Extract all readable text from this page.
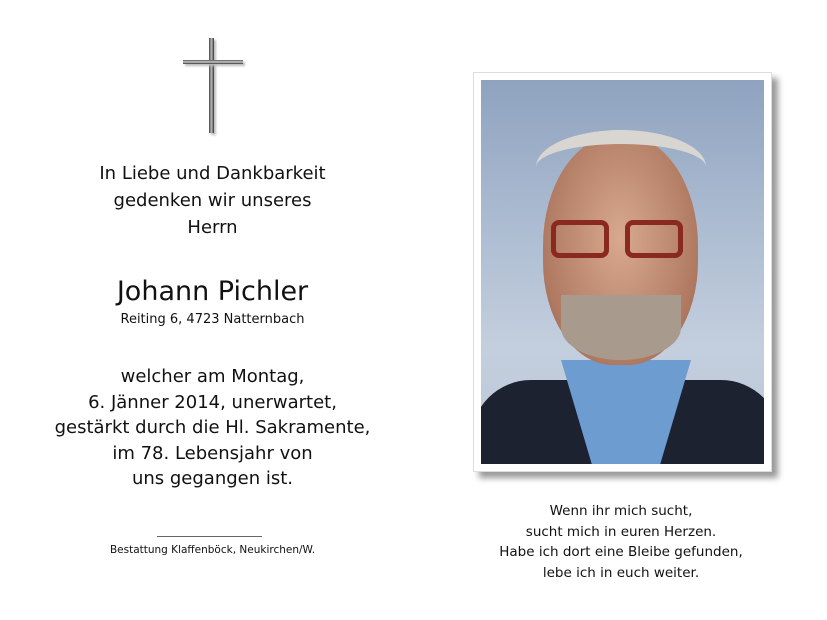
In Liebe und Dankbarkeit
gedenken wir unseres
Herrn
Johann Pichler
Reiting 6, 4723 Natternbach
welcher am Montag,
6. Jänner 2014, unerwartet,
gestärkt durch die Hl. Sakramente,
im 78. Lebensjahr von
uns gegangen ist.
Bestattung Klaffenböck, Neukirchen/W.
Wenn ihr mich sucht,
sucht mich in euren Herzen.
Habe ich dort eine Bleibe gefunden,
lebe ich in euch weiter.
